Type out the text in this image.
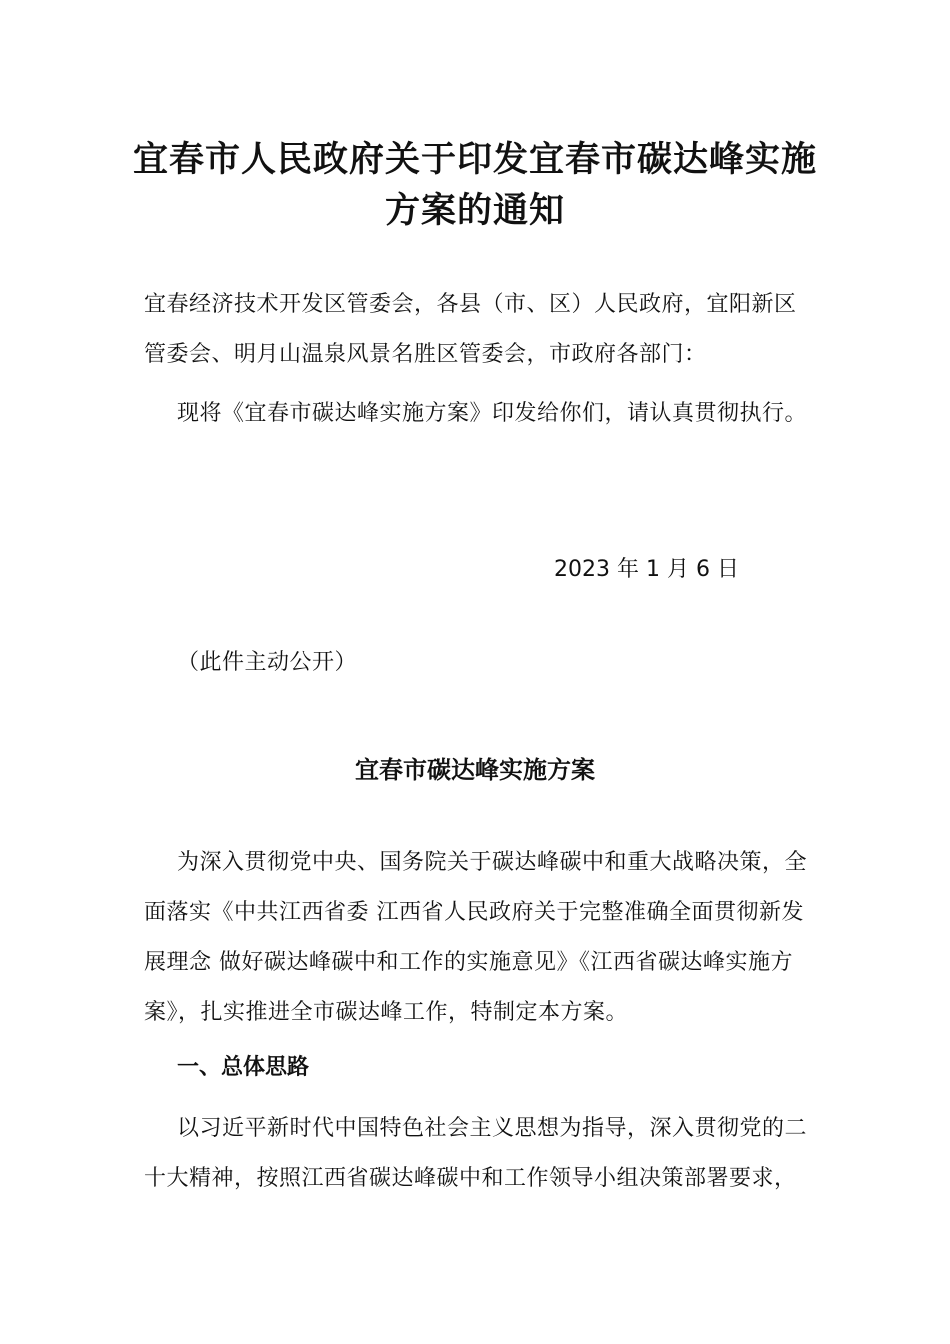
宜春市人民政府关于印发宜春市碳达峰实施
方案的通知
宜春经济技术开发区管委会，各县（市、区）人民政府，宜阳新区
管委会、明月山温泉风景名胜区管委会，市政府各部门：
现将《宜春市碳达峰实施方案》印发给你们，请认真贯彻执行。
2023 年 1 月 6 日
（此件主动公开）
宜春市碳达峰实施方案
为深入贯彻党中央、国务院关于碳达峰碳中和重大战略决策，全
面落实《中共江西省委 江西省人民政府关于完整准确全面贯彻新发
展理念 做好碳达峰碳中和工作的实施意见》《江西省碳达峰实施方
案》，扎实推进全市碳达峰工作，特制定本方案。
一、总体思路
以习近平新时代中国特色社会主义思想为指导，深入贯彻党的二
十大精神，按照江西省碳达峰碳中和工作领导小组决策部署要求，
